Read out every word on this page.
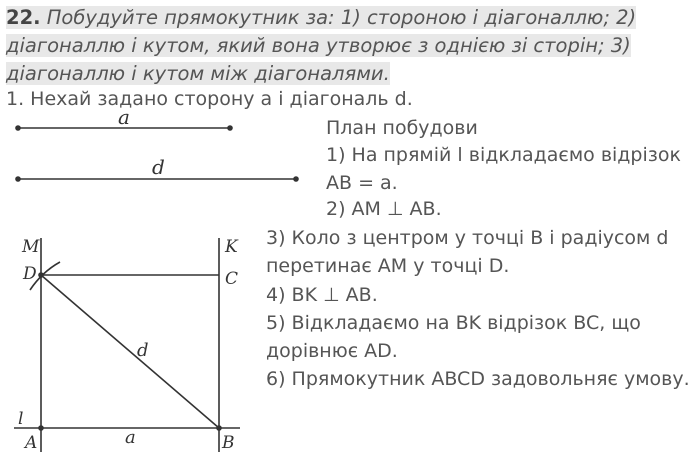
22. Побудуйте прямокутник за: 1) стороною і діагоналлю; 2) діагоналлю і кутом, який вона утворює з однією зі сторін; 3) діагоналлю і кутом між діагоналями.
1. Нехай задано сторону a і діагональ d.
План побудови
1) На прямій l відкладаємо відрізок AB = a.
2) AM ⊥ AB.
3) Коло з центром у точці B і радіусом d перетинає AM у точці D.
4) BK ⊥ AB.
5) Відкладаємо на BK відрізок BC, що дорівнює AD.
6) Прямокутник ABCD задовольняє умову.
a
d
M
D
K
C
l
A	B
a
d
